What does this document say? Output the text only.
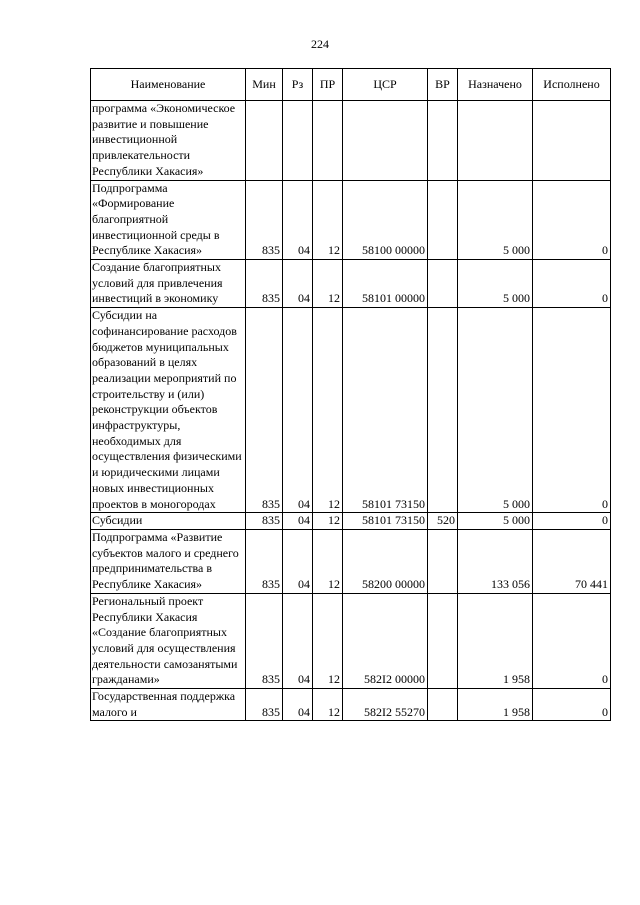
224
Наименование	Мин	Рз	ПР	ЦСР	ВР	Назначено	Исполнено
программа «Экономическое развитие и повышение инвестиционной привлекательности Республики Хакасия»							
Подпрограмма «Формирование благоприятной инвестиционной среды в Республике Хакасия»	835	04	12	58100 00000		5 000	0
Создание благоприятных условий для привлечения инвестиций в экономику	835	04	12	58101 00000		5 000	0
Субсидии на софинансирование расходов бюджетов муниципальных образований в целях реализации мероприятий по строительству и (или) реконструкции объектов инфраструктуры, необходимых для осуществления физическими и юридическими лицами новых инвестиционных проектов в моногородах	835	04	12	58101 73150		5 000	0
Субсидии	835	04	12	58101 73150	520	5 000	0
Подпрограмма «Развитие субъектов малого и среднего предпринимательства в Республике Хакасия»	835	04	12	58200 00000		133 056	70 441
Региональный проект Республики Хакасия «Создание благоприятных условий для осуществления деятельности самозанятыми гражданами»	835	04	12	582I2 00000		1 958	0
Государственная поддержка малого и	835	04	12	582I2 55270		1 958	0
